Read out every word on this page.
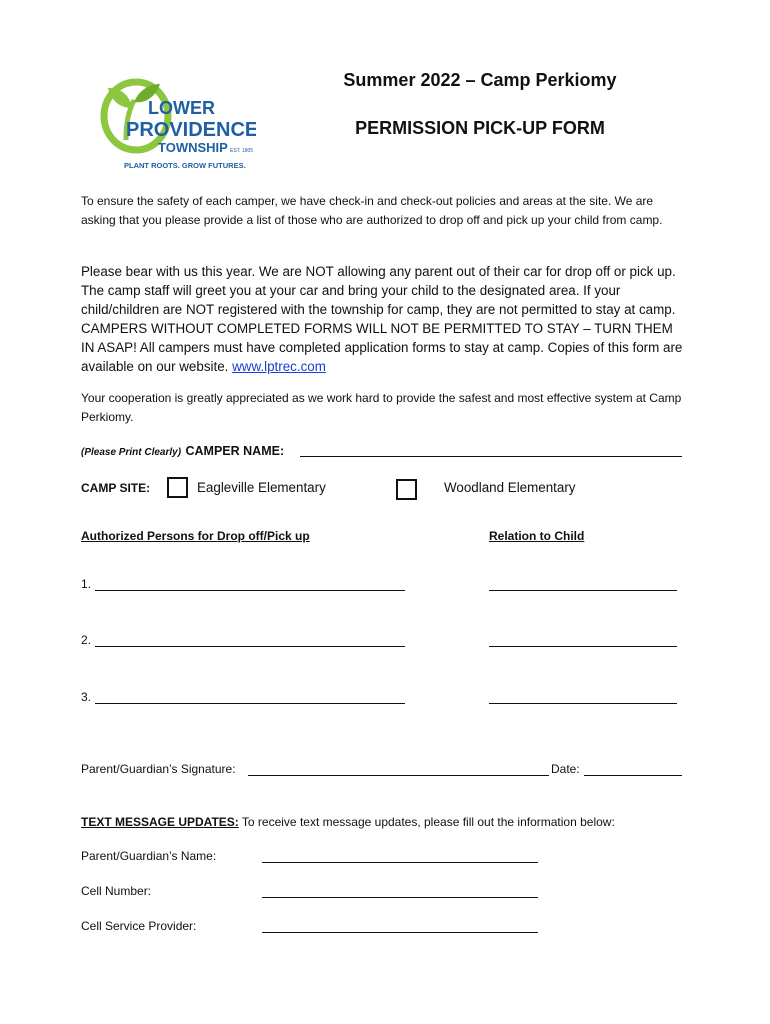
LOWER
PROVIDENCE
TOWNSHIP EST. 1805
PLANT ROOTS. GROW FUTURES.
Summer 2022 – Camp Perkiomy
PERMISSION PICK-UP FORM
To ensure the safety of each camper, we have check-in and check-out policies and areas at the site. We are asking that you please provide a list of those who are authorized to drop off and pick up your child from camp.
Please bear with us this year. We are NOT allowing any parent out of their car for drop off or pick up. The camp staff will greet you at your car and bring your child to the designated area. If your child/children are NOT registered with the township for camp, they are not permitted to stay at camp. CAMPERS WITHOUT COMPLETED FORMS WILL NOT BE PERMITTED TO STAY – TURN THEM IN ASAP! All campers must have completed application forms to stay at camp. Copies of this form are available on our website. www.lptrec.com
Your cooperation is greatly appreciated as we work hard to provide the safest and most effective system at Camp Perkiomy.
(Please Print Clearly) CAMPER NAME:
CAMP SITE:	Eagleville Elementary	Woodland Elementary
Authorized Persons for Drop off/Pick up	Relation to Child
1.
2.
3.
Parent/Guardian’s Signature:	Date:
TEXT MESSAGE UPDATES: To receive text message updates, please fill out the information below:
Parent/Guardian’s Name:
Cell Number:
Cell Service Provider:
